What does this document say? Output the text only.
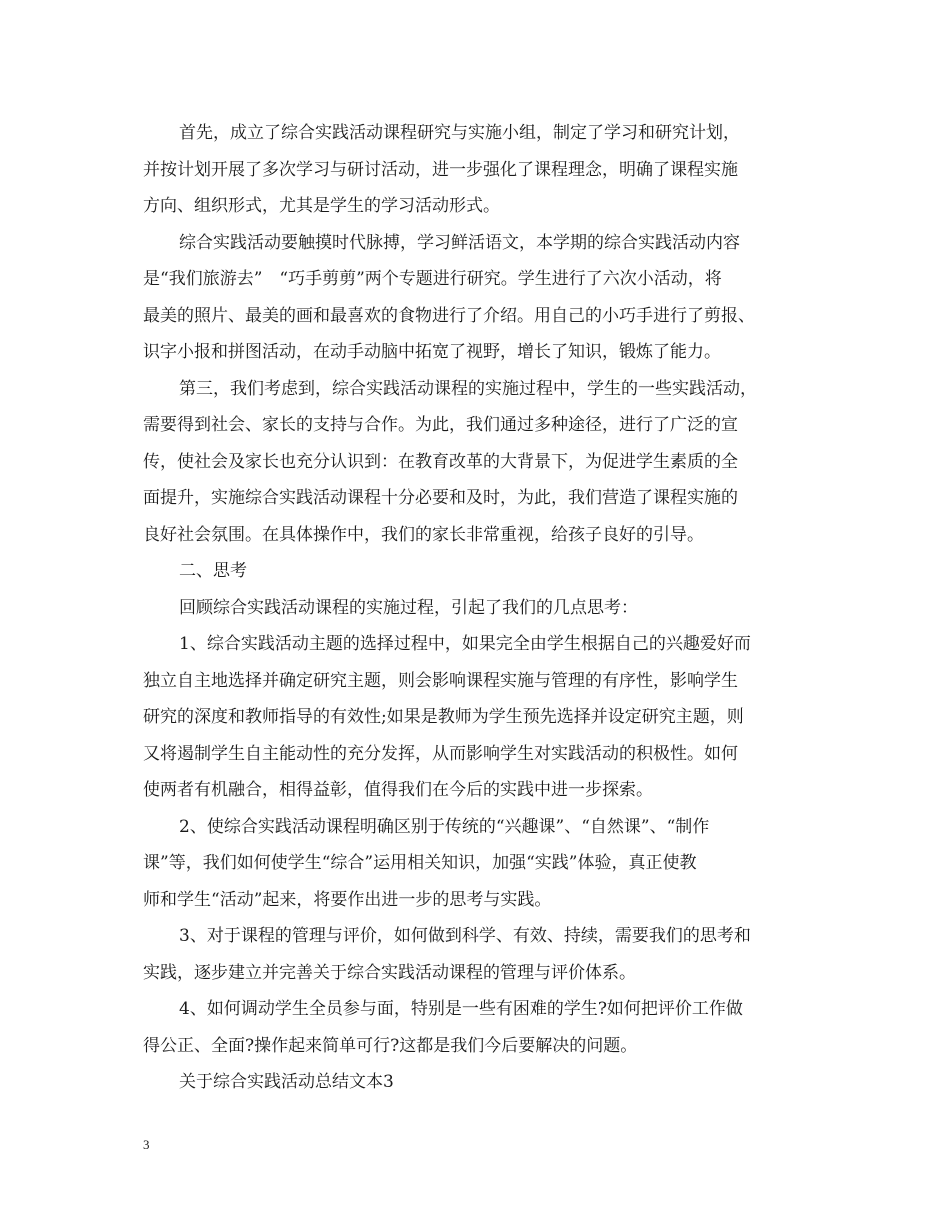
首先，成立了综合实践活动课程研究与实施小组，制定了学习和研究计划，
并按计划开展了多次学习与研讨活动，进一步强化了课程理念，明确了课程实施
方向、组织形式，尤其是学生的学习活动形式。
综合实践活动要触摸时代脉搏，学习鲜活语文，本学期的综合实践活动内容
是“我们旅游去”　“巧手剪剪”两个专题进行研究。学生进行了六次小活动，将
最美的照片、最美的画和最喜欢的食物进行了介绍。用自己的小巧手进行了剪报、
识字小报和拼图活动，在动手动脑中拓宽了视野，增长了知识，锻炼了能力。
第三，我们考虑到，综合实践活动课程的实施过程中，学生的一些实践活动，
需要得到社会、家长的支持与合作。为此，我们通过多种途径，进行了广泛的宣
传，使社会及家长也充分认识到：在教育改革的大背景下，为促进学生素质的全
面提升，实施综合实践活动课程十分必要和及时，为此，我们营造了课程实施的
良好社会氛围。在具体操作中，我们的家长非常重视，给孩子良好的引导。
二、思考
回顾综合实践活动课程的实施过程，引起了我们的几点思考：
1、综合实践活动主题的选择过程中，如果完全由学生根据自己的兴趣爱好而
独立自主地选择并确定研究主题，则会影响课程实施与管理的有序性，影响学生
研究的深度和教师指导的有效性;如果是教师为学生预先选择并设定研究主题，则
又将遏制学生自主能动性的充分发挥，从而影响学生对实践活动的积极性。如何
使两者有机融合，相得益彰，值得我们在今后的实践中进一步探索。
2、使综合实践活动课程明确区别于传统的“兴趣课”、“自然课”、“制作
课”等，我们如何使学生“综合”运用相关知识，加强“实践”体验，真正使教
师和学生“活动”起来，将要作出进一步的思考与实践。
3、对于课程的管理与评价，如何做到科学、有效、持续，需要我们的思考和
实践，逐步建立并完善关于综合实践活动课程的管理与评价体系。
4、如何调动学生全员参与面，特别是一些有困难的学生?如何把评价工作做
得公正、全面?操作起来简单可行?这都是我们今后要解决的问题。
关于综合实践活动总结文本3
3
